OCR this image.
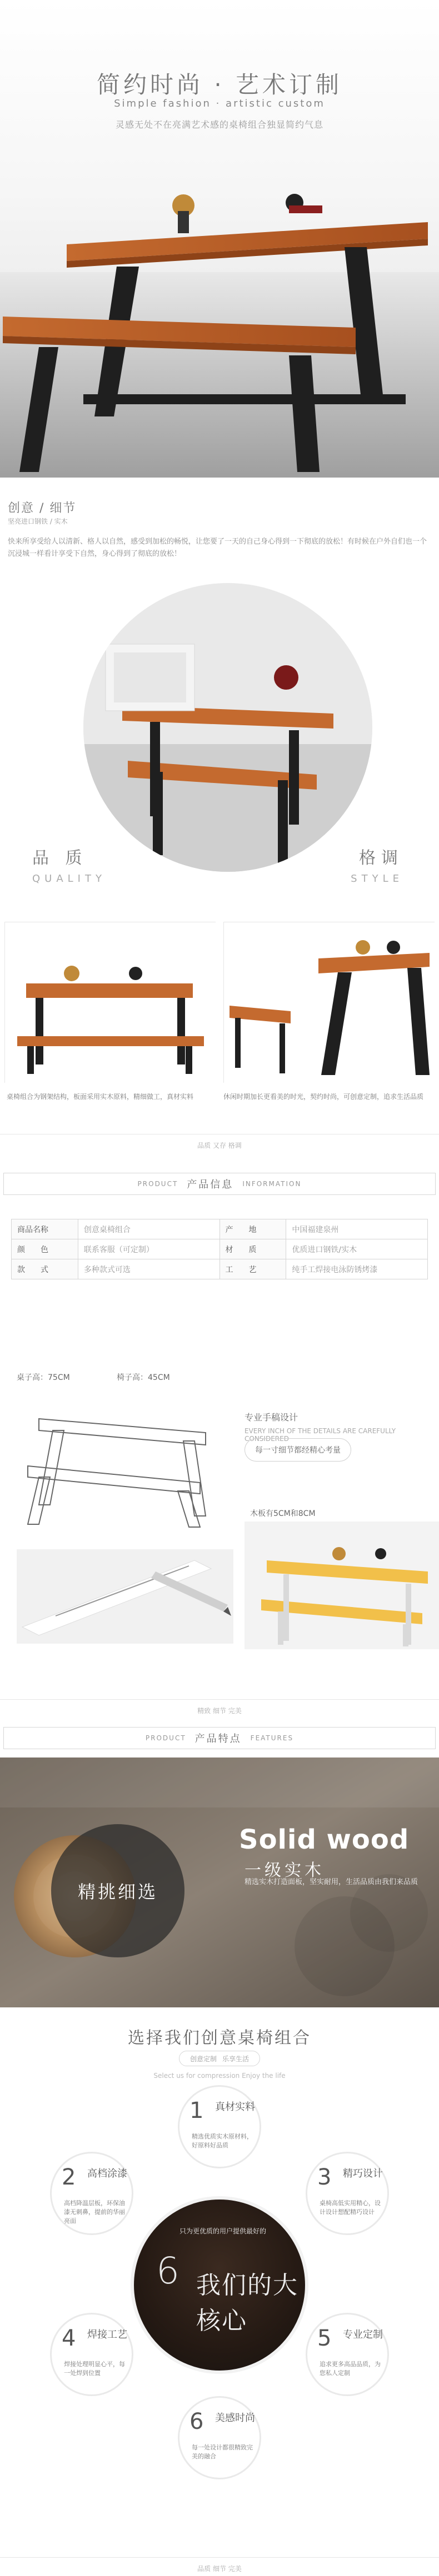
简约时尚 · 艺术订制
Simple fashion · artistic custom
灵感无处不在亮满艺术感的桌椅组合独显简约气息
创意 / 细节
坚亮进口钢铁 / 实木
快来所享受给人以清新、格人以自然，感受到加松的畅悦，让您要了一天的自己身心得到一下彻底的放松！有时候在户外自们也一个沉浸城一样看计享受下自然，身心得到了彻底的放松！
品 质
QUALITY
格调
STYLE
桌椅组合为钢架结构，板面采用实木原料，精细做工，真材实料	休闲时期加长更看美的时光，契约时尚，可创意定制，追求生活品质
品质 又存 格调
PRODUCT 产品信息 INFORMATION
商品名称	创意桌椅组合	产　　地	中国福建泉州
颜　　色	联系客服（可定制）	材　　质	优质进口钢铁/实木
款　　式	多种款式可选	工　　艺	纯手工焊接电泳防锈烤漆
桌子高：75CM	椅子高：45CM
专业手稿设计
EVERY INCH OF THE DETAILS ARE CAREFULLY CONSIDERED
每一寸细节都经精心考量
木板有5CM和8CM
精致 细节 完美
PRODUCT 产品特点 FEATURES
精挑细选
Solid wood
一级实木
精选实木打造面板，坚实耐用，生活品质由我们来品质
选择我们创意桌椅组合
创意定制 乐享生活
Select us for compression Enjoy the life
只为更优质的用户提供最好的
6 我们的大核心
1 真材实料
精选优质实木原材料，好原料好品质
2 高档涂漆
高档降温层板，环保油漆无刺鼻，提前的华丽亮面
3 精巧设计
桌椅高低实用精心，设计设计想配精巧设计
4 焊接工艺
焊接处理明显心平，每一处焊到位置
5 专业定制
追求更多高品品质，为您私人定制
6 美感时尚
每一处设计都很精致完美的融合
品质 细节 完美
